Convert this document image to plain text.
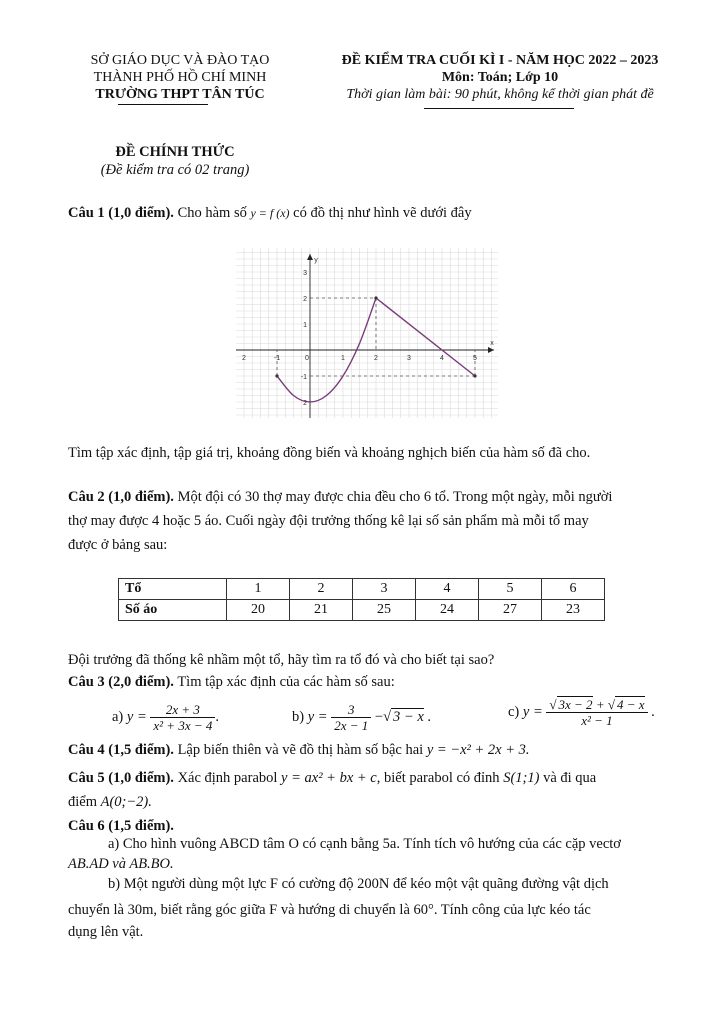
SỞ GIÁO DỤC VÀ ĐÀO TẠO
THÀNH PHỐ HỒ CHÍ MINH
TRƯỜNG THPT TÂN TÚC
ĐỀ KIỂM TRA CUỐI KÌ I - NĂM HỌC 2022 – 2023
Môn: Toán; Lớp 10
Thời gian làm bài: 90 phút, không kể thời gian phát đề
ĐỀ CHÍNH THỨC
(Đề kiểm tra có 02 trang)

Câu 1 (1,0 điểm). Cho hàm số y = f (x) có đồ thị như hình vẽ dưới đây

2	-1	0	1	2	3	4	5
3
2
1
-1
2
x
y

Tìm tập xác định, tập giá trị, khoảng đồng biến và khoảng nghịch biến của hàm số đã cho.

Câu 2 (1,0 điểm). Một đội có 30 thợ may được chia đều cho 6 tổ. Trong một ngày, mỗi người

thợ may được 4 hoặc 5 áo. Cuối ngày đội trưởng thống kê lại số sản phẩm mà mỗi tổ may

được ở bảng sau:

Tổ	1	2	3	4	5	6
Số áo	20	21	25	24	27	23

Đội trưởng đã thống kê nhầm một tổ, hãy tìm ra tổ đó và cho biết tại sao?

Câu 3 (2,0 điểm). Tìm tập xác định của các hàm số sau:

a) $y = \frac{2x + 3}{\text{x² + 3x − 4}}$ .	b) $y = \frac{3}{2x - 1}$ −√ 3 − x .	c) $y = \frac{√ 3x - 2 + √ 4 - x}{\text{x² − 1}}$ .

Câu 4 (1,5 điểm). Lập biến thiên và vẽ đồ thị hàm số bậc hai y = −x² + 2x + 3.

Câu 5 (1,0 điểm). Xác định parabol y = ax² + bx + c, biết parabol có đỉnh S(1;1) và đi qua

điểm A(0;−2).

Câu 6 (1,5 điểm).

a) Cho hình vuông ABCD tâm O có cạnh bằng 5a. Tính tích vô hướng của các cặp vectơ

AB.AD và AB.BO.

b) Một người dùng một lực F có cường độ 200N để kéo một vật quãng đường vật dịch

chuyển là 30m, biết rằng góc giữa F và hướng di chuyển là 60°. Tính công của lực kéo tác

dụng lên vật.
